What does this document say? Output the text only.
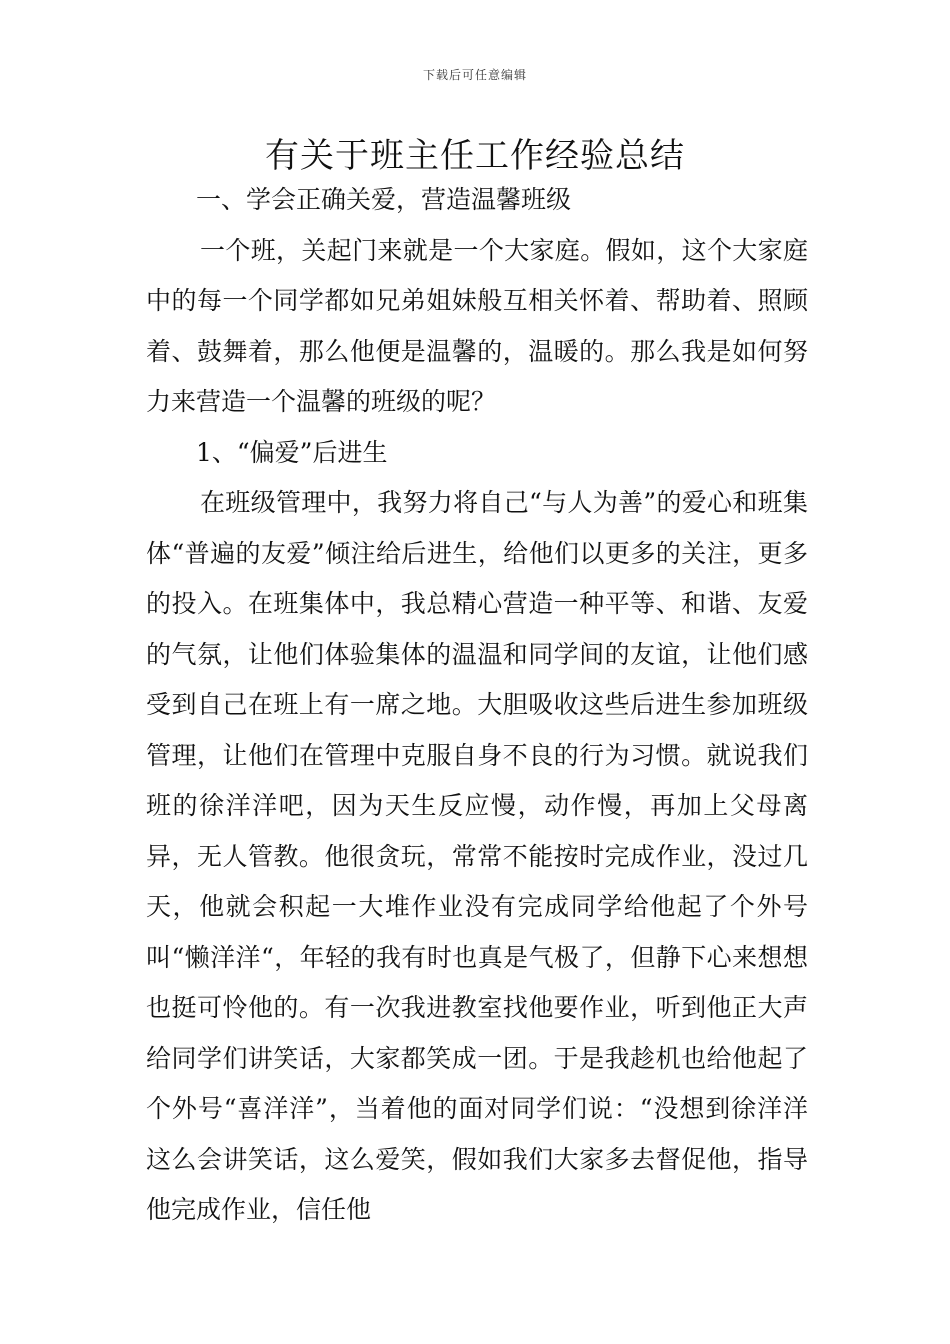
下载后可任意编辑
有关于班主任工作经验总结

一、学会正确关爱，营造温馨班级

一个班，关起门来就是一个大家庭。假如，这个大家庭中的每一个同学都如兄弟姐妹般互相关怀着、帮助着、照顾着、鼓舞着，那么他便是温馨的，温暖的。那么我是如何努力来营造一个温馨的班级的呢？

1、“偏爱”后进生

在班级管理中，我努力将自己“与人为善”的爱心和班集体“普遍的友爱”倾注给后进生，给他们以更多的关注，更多的投入。在班集体中，我总精心营造一种平等、和谐、友爱的气氛，让他们体验集体的温温和同学间的友谊，让他们感受到自己在班上有一席之地。大胆吸收这些后进生参加班级管理，让他们在管理中克服自身不良的行为习惯。就说我们班的徐洋洋吧，因为天生反应慢，动作慢，再加上父母离异，无人管教。他很贪玩，常常不能按时完成作业，没过几天，他就会积起一大堆作业没有完成同学给他起了个外号叫“懒洋洋“，年轻的我有时也真是气极了，但静下心来想想也挺可怜他的。有一次我进教室找他要作业，听到他正大声给同学们讲笑话，大家都笑成一团。于是我趁机也给他起了个外号“喜洋洋”，当着他的面对同学们说：“没想到徐洋洋这么会讲笑话，这么爱笑，假如我们大家多去督促他，指导他完成作业，信任他
